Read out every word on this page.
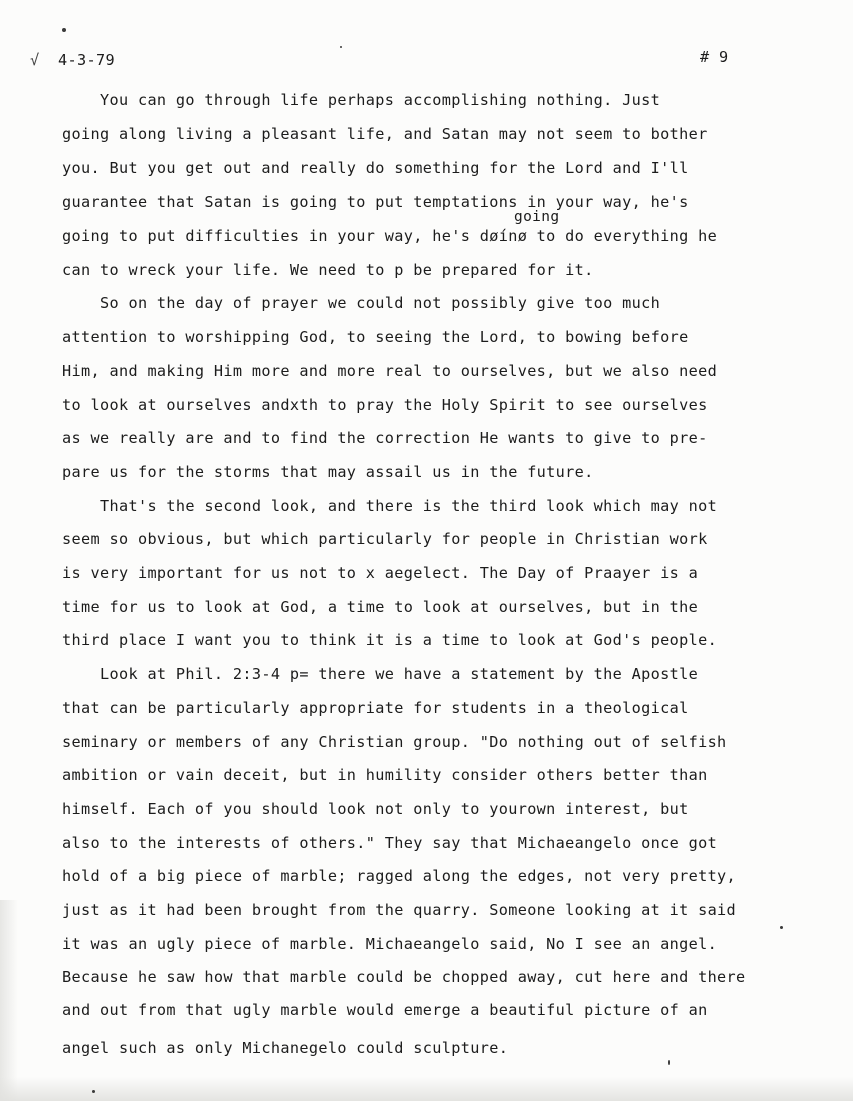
√ 4-3-79	# 9
going
You can go through life perhaps accomplishing nothing. Just
going along living a pleasant life, and Satan may not seem to bother
you. But you get out and really do something for the Lord and I'll
guarantee that Satan is going to put temptations in your way, he's
going to put difficulties in your way, he's døínø to do everything he
can to wreck your life. We need to p be prepared for it.
So on the day of prayer we could not possibly give too much
attention to worshipping God, to seeing the Lord, to bowing before
Him, and making Him more and more real to ourselves, but we also need
to look at ourselves andxth to pray the Holy Spirit to see ourselves
as we really are and to find the correction He wants to give to pre-
pare us for the storms that may assail us in the future.
That's the second look, and there is the third look which may not
seem so obvious, but which particularly for people in Christian work
is very important for us not to x aegelect. The Day of Praayer is a
time for us to look at God, a time to look at ourselves, but in the
third place I want you to think it is a time to look at God's people.
Look at Phil. 2:3-4 p= there we have a statement by the Apostle
that can be particularly appropriate for students in a theological
seminary or members of any Christian group. "Do nothing out of selfish
ambition or vain deceit, but in humility consider others better than
himself. Each of you should look not only to yourown interest, but
also to the interests of others." They say that Michaeangelo once got
hold of a big piece of marble; ragged along the edges, not very pretty,
just as it had been brought from the quarry. Someone looking at it said
it was an ugly piece of marble. Michaeangelo said, No I see an angel.
Because he saw how that marble could be chopped away, cut here and there
and out from that ugly marble would emerge a beautiful picture of an
angel such as only Michanegelo could sculpture.
